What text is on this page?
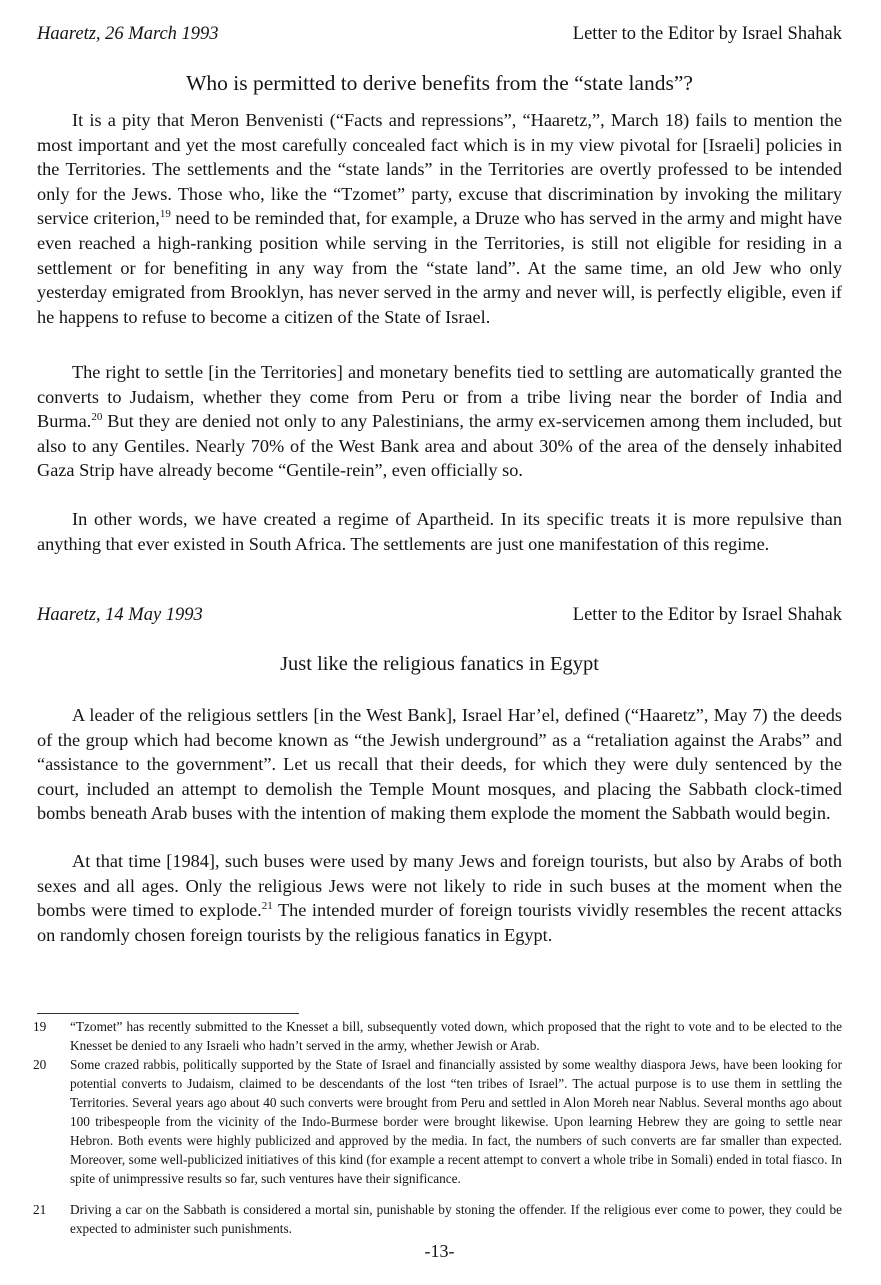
Haaretz, 26 March 1993	Letter to the Editor by Israel Shahak
Who is permitted to derive benefits from the “state lands”?

It is a pity that Meron Benvenisti (“Facts and repressions”, “Haaretz,”, March 18) fails to mention the most important and yet the most carefully concealed fact which is in my view pivotal for [Israeli] policies in the Territories. The settlements and the “state lands” in the Territories are overtly professed to be intended only for the Jews. Those who, like the “Tzomet” party, excuse that discrimination by invoking the military service criterion,$^{19}$ need to be reminded that, for example, a Druze who has served in the army and might have even reached a high-ranking position while serving in the Territories, is still not eligible for residing in a settlement or for benefiting in any way from the “state land”. At the same time, an old Jew who only yesterday emigrated from Brooklyn, has never served in the army and never will, is perfectly eligible, even if he happens to refuse to become a citizen of the State of Israel.

The right to settle [in the Territories] and monetary benefits tied to settling are automatically granted the converts to Judaism, whether they come from Peru or from a tribe living near the border of India and Burma.$^{20}$ But they are denied not only to any Palestinians, the army ex-servicemen among them included, but also to any Gentiles. Nearly 70% of the West Bank area and about 30% of the area of the densely inhabited Gaza Strip have already become “Gentile-rein”, even officially so.

In other words, we have created a regime of Apartheid. In its specific treats it is more repulsive than anything that ever existed in South Africa. The settlements are just one manifestation of this regime.

Haaretz, 14 May 1993	Letter to the Editor by Israel Shahak
Just like the religious fanatics in Egypt

A leader of the religious settlers [in the West Bank], Israel Har’el, defined (“Haaretz”, May 7) the deeds of the group which had become known as “the Jewish underground” as a “retaliation against the Arabs” and “assistance to the government”. Let us recall that their deeds, for which they were duly sentenced by the court, included an attempt to demolish the Temple Mount mosques, and placing the Sabbath clock-timed bombs beneath Arab buses with the intention of making them explode the moment the Sabbath would begin.

At that time [1984], such buses were used by many Jews and foreign tourists, but also by Arabs of both sexes and all ages. Only the religious Jews were not likely to ride in such buses at the moment when the bombs were timed to explode.$^{21}$ The intended murder of foreign tourists vividly resembles the recent attacks on randomly chosen foreign tourists by the religious fanatics in Egypt.

19	“Tzomet” has recently submitted to the Knesset a bill, subsequently voted down, which proposed that the right to vote and to be elected to the Knesset be denied to any Israeli who hadn’t served in the army, whether Jewish or Arab.
20	Some crazed rabbis, politically supported by the State of Israel and financially assisted by some wealthy diaspora Jews, have been looking for potential converts to Judaism, claimed to be descendants of the lost “ten tribes of Israel”. The actual purpose is to use them in settling the Territories. Several years ago about 40 such converts were brought from Peru and settled in Alon Moreh near Nablus. Several months ago about 100 tribespeople from the vicinity of the Indo-Burmese border were brought likewise. Upon learning Hebrew they are going to settle near Hebron. Both events were highly publicized and approved by the media. In fact, the numbers of such converts are far smaller than expected. Moreover, some well-publicized initiatives of this kind (for example a recent attempt to convert a whole tribe in Somali) ended in total fiasco. In spite of unimpressive results so far, such ventures have their significance.
21	Driving a car on the Sabbath is considered a mortal sin, punishable by stoning the offender. If the religious ever come to power, they could be expected to administer such punishments.
-13-
